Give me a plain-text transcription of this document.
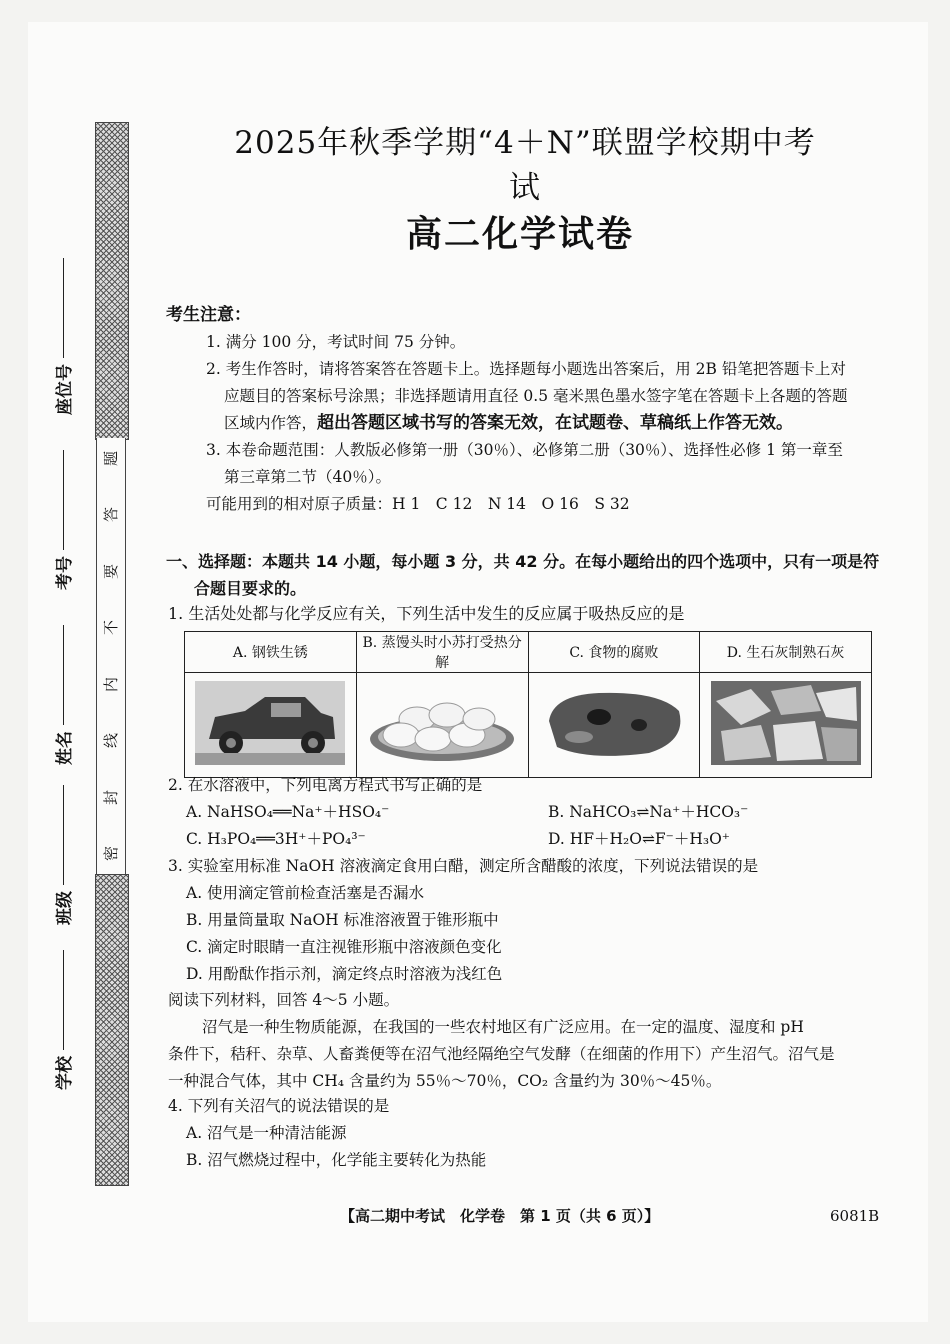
题
答
要
不
内
线
封
密
座位号
考号
姓名
班级
学校
2025年秋季学期“4＋N”联盟学校期中考试
高二化学试卷
考生注意：
1. 满分 100 分，考试时间 75 分钟。
2. 考生作答时，请将答案答在答题卡上。选择题每小题选出答案后，用 2B 铅笔把答题卡上对
应题目的答案标号涂黑；非选择题请用直径 0.5 毫米黑色墨水签字笔在答题卡上各题的答题
区域内作答，超出答题区域书写的答案无效，在试题卷、草稿纸上作答无效。
3. 本卷命题范围：人教版必修第一册（30％）、必修第二册（30％）、选择性必修 1 第一章至
第三章第二节（40％）。
可能用到的相对原子质量：H 1　C 12　N 14　O 16　S 32
一、选择题：本题共 14 小题，每小题 3 分，共 42 分。在每小题给出的四个选项中，只有一项是符
合题目要求的。
1. 生活处处都与化学反应有关，下列生活中发生的反应属于吸热反应的是
A. 钢铁生锈	B. 蒸馒头时小苏打受热分解	C. 食物的腐败	D. 生石灰制熟石灰

2. 在水溶液中，下列电离方程式书写正确的是
A. NaHSO₄══Na⁺＋HSO₄⁻	B. NaHCO₃⇌Na⁺＋HCO₃⁻
C. H₃PO₄══3H⁺＋PO₄³⁻	D. HF＋H₂O⇌F⁻＋H₃O⁺
3. 实验室用标准 NaOH 溶液滴定食用白醋，测定所含醋酸的浓度，下列说法错误的是
A. 使用滴定管前检查活塞是否漏水
B. 用量筒量取 NaOH 标准溶液置于锥形瓶中
C. 滴定时眼睛一直注视锥形瓶中溶液颜色变化
D. 用酚酞作指示剂，滴定终点时溶液为浅红色
阅读下列材料，回答 4～5 小题。
沼气是一种生物质能源，在我国的一些农村地区有广泛应用。在一定的温度、湿度和 pH
条件下，秸秆、杂草、人畜粪便等在沼气池经隔绝空气发酵（在细菌的作用下）产生沼气。沼气是
一种混合气体，其中 CH₄ 含量约为 55％～70％，CO₂ 含量约为 30％～45％。
4. 下列有关沼气的说法错误的是
A. 沼气是一种清洁能源
B. 沼气燃烧过程中，化学能主要转化为热能
【高二期中考试　化学卷　第 1 页（共 6 页）】	6081B
